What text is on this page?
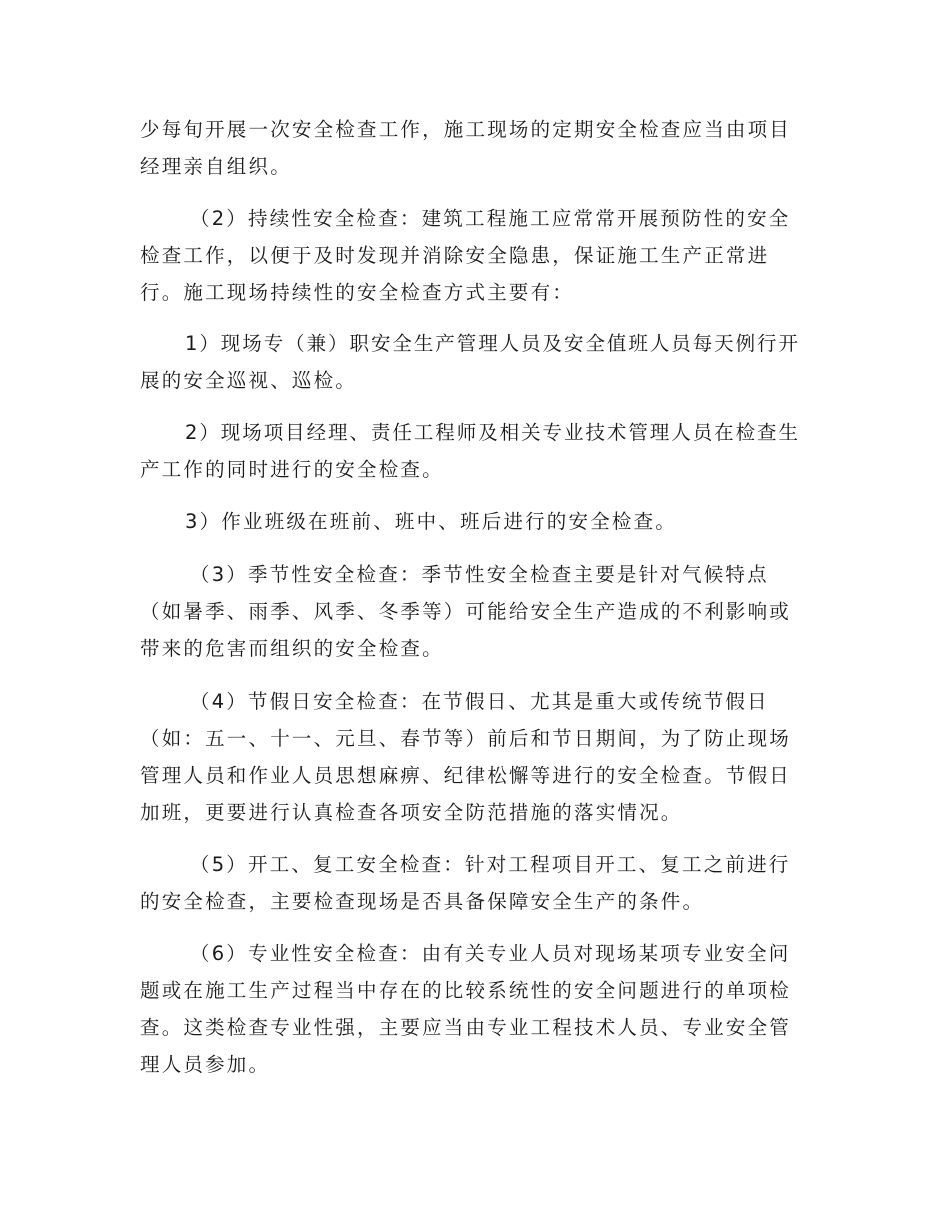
少每旬开展一次安全检查工作，施工现场的定期安全检查应当由项目
经理亲自组织。
（2）持续性安全检查：建筑工程施工应常常开展预防性的安全
检查工作，以便于及时发现并消除安全隐患，保证施工生产正常进
行。施工现场持续性的安全检查方式主要有：
1）现场专（兼）职安全生产管理人员及安全值班人员每天例行开
展的安全巡视、巡检。
2）现场项目经理、责任工程师及相关专业技术管理人员在检查生
产工作的同时进行的安全检查。
3）作业班级在班前、班中、班后进行的安全检查。
（3）季节性安全检查：季节性安全检查主要是针对气候特点
（如暑季、雨季、风季、冬季等）可能给安全生产造成的不利影响或
带来的危害而组织的安全检查。
（4）节假日安全检查：在节假日、尤其是重大或传统节假日
（如：五一、十一、元旦、春节等）前后和节日期间，为了防止现场
管理人员和作业人员思想麻痹、纪律松懈等进行的安全检查。节假日
加班，更要进行认真检查各项安全防范措施的落实情况。
（5）开工、复工安全检查：针对工程项目开工、复工之前进行
的安全检查，主要检查现场是否具备保障安全生产的条件。
（6）专业性安全检查：由有关专业人员对现场某项专业安全问
题或在施工生产过程当中存在的比较系统性的安全问题进行的单项检
查。这类检查专业性强，主要应当由专业工程技术人员、专业安全管
理人员参加。
